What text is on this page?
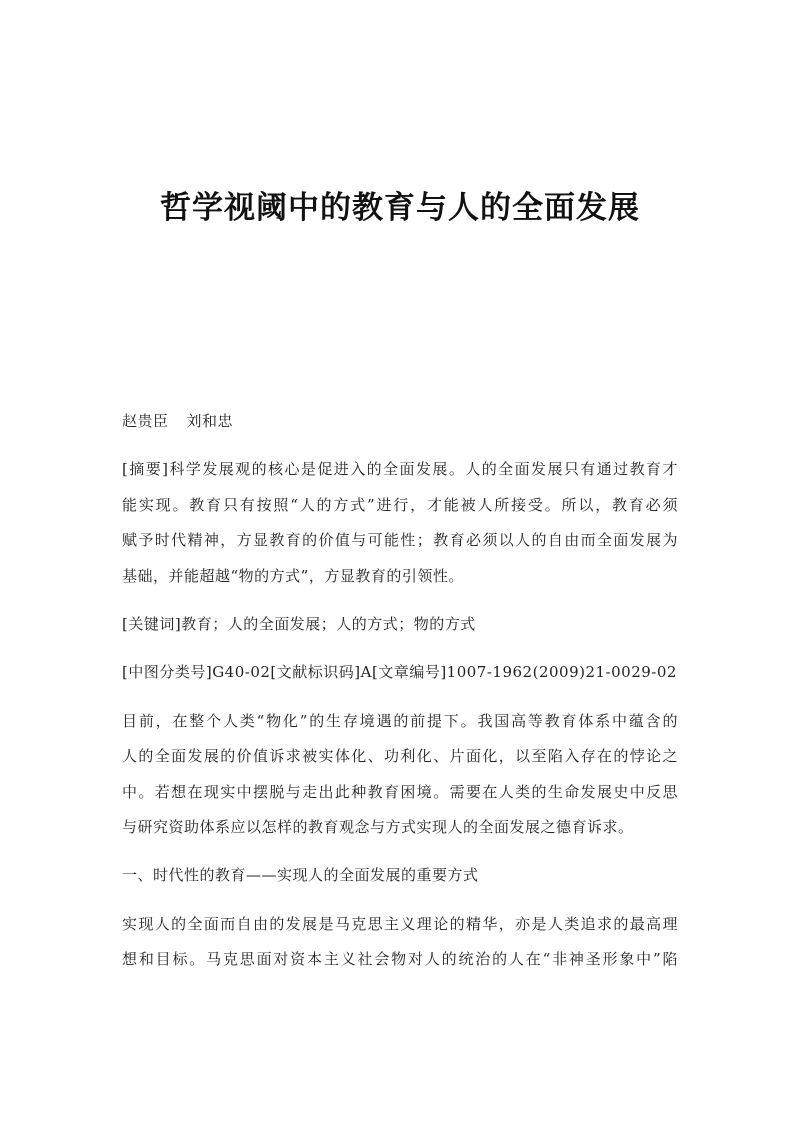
哲学视阈中的教育与人的全面发展
赵贵臣 刘和忠
[摘要]科学发展观的核心是促进入的全面发展。人的全面发展只有通过教育才
能实现。教育只有按照“人的方式”进行，才能被人所接受。所以，教育必须
赋予时代精神，方显教育的价值与可能性；教育必须以人的自由而全面发展为
基础，并能超越“物的方式”，方显教育的引领性。
[关键词]教育；人的全面发展；人的方式；物的方式
[中图分类号]G40-02[文献标识码]A[文章编号]1007-1962(2009)21-0029-02
目前，在整个人类“物化”的生存境遇的前提下。我国高等教育体系中蕴含的
人的全面发展的价值诉求被实体化、功利化、片面化，以至陷入存在的悖论之
中。若想在现实中摆脱与走出此种教育困境。需要在人类的生命发展史中反思
与研究资助体系应以怎样的教育观念与方式实现人的全面发展之德育诉求。
一、时代性的教育——实现人的全面发展的重要方式
实现人的全面而自由的发展是马克思主义理论的精华，亦是人类追求的最高理
想和目标。马克思面对资本主义社会物对人的统治的人在“非神圣形象中”陷
